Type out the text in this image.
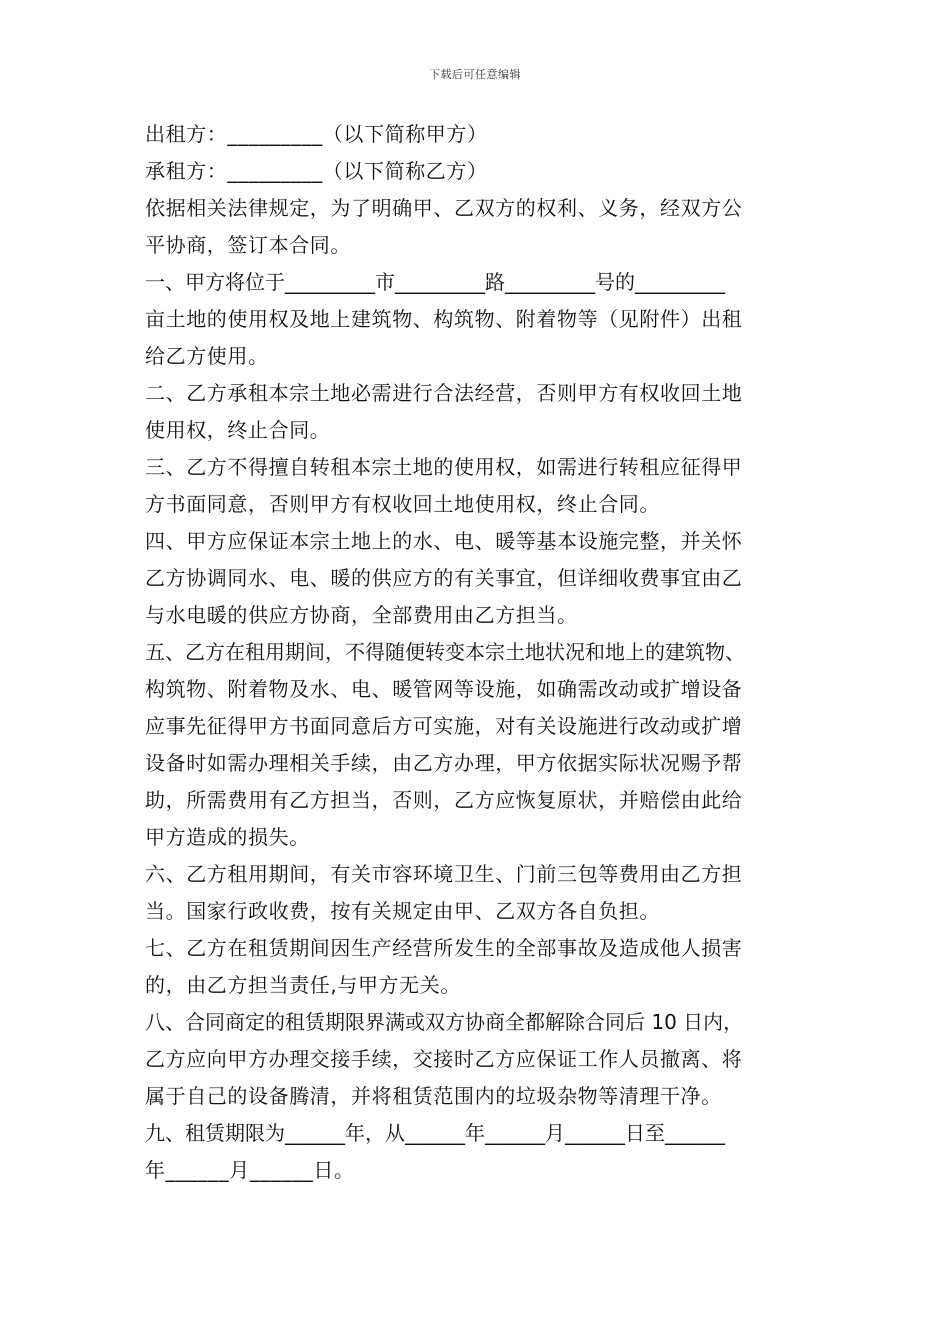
下载后可任意编辑
出租方：_________（以下简称甲方）
承租方：_________（以下简称乙方）
依据相关法律规定，为了明确甲、乙双方的权利、义务，经双方公
平协商，签订本合同。
一、甲方将位于_________市_________路_________号的_________
亩土地的使用权及地上建筑物、构筑物、附着物等（见附件）出租
给乙方使用。
二、乙方承租本宗土地必需进行合法经营，否则甲方有权收回土地
使用权，终止合同。
三、乙方不得擅自转租本宗土地的使用权，如需进行转租应征得甲
方书面同意，否则甲方有权收回土地使用权，终止合同。
四、甲方应保证本宗土地上的水、电、暖等基本设施完整，并关怀
乙方协调同水、电、暖的供应方的有关事宜，但详细收费事宜由乙
与水电暖的供应方协商，全部费用由乙方担当。
五、乙方在租用期间，不得随便转变本宗土地状况和地上的建筑物、
构筑物、附着物及水、电、暖管网等设施，如确需改动或扩增设备
应事先征得甲方书面同意后方可实施，对有关设施进行改动或扩增
设备时如需办理相关手续，由乙方办理，甲方依据实际状况赐予帮
助，所需费用有乙方担当，否则，乙方应恢复原状，并赔偿由此给
甲方造成的损失。
六、乙方租用期间，有关市容环境卫生、门前三包等费用由乙方担
当。国家行政收费，按有关规定由甲、乙双方各自负担。
七、乙方在租赁期间因生产经营所发生的全部事故及造成他人损害
的，由乙方担当责任,与甲方无关。
八、合同商定的租赁期限界满或双方协商全都解除合同后 10 日内，
乙方应向甲方办理交接手续，交接时乙方应保证工作人员撤离、将
属于自己的设备腾清，并将租赁范围内的垃圾杂物等清理干净。
九、租赁期限为______年，从______年______月______日至______
年______月______日。
